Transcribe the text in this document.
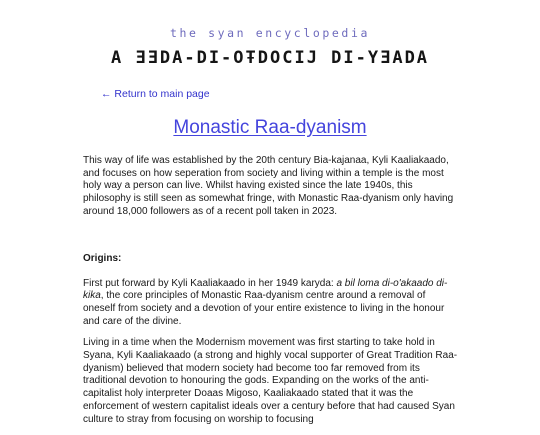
the syan encyclopedia
A ƎƎDA-DI-OŦDOCIJ DI-YƎADA
← Return to main page
Monastic Raa-dyanism

This way of life was established by the 20th century Bia-kajanaa, Kyli Kaaliakaado, and focuses on how seperation from society and living within a temple is the most holy way a person can live. Whilst having existed since the late 1940s, this philosophy is still seen as somewhat fringe, with Monastic Raa-dyanism only having around 18,000 followers as of a recent poll taken in 2023.

Origins:

First put forward by Kyli Kaaliakaado in her 1949 karyda: a bil loma di-o'akaado di-kika, the core principles of Monastic Raa-dyanism centre around a removal of oneself from society and a devotion of your entire existence to living in the honour and care of the divine.

Living in a time when the Modernism movement was first starting to take hold in Syana, Kyli Kaaliakaado (a strong and highly vocal supporter of Great Tradition Raa-dyanism) believed that modern society had become too far removed from its traditional devotion to honouring the gods. Expanding on the works of the anti-capitalist holy interpreter Doaas Migoso, Kaaliakaado stated that it was the enforcement of western capitalist ideals over a century before that had caused Syan culture to stray from focusing on worship to focusing
